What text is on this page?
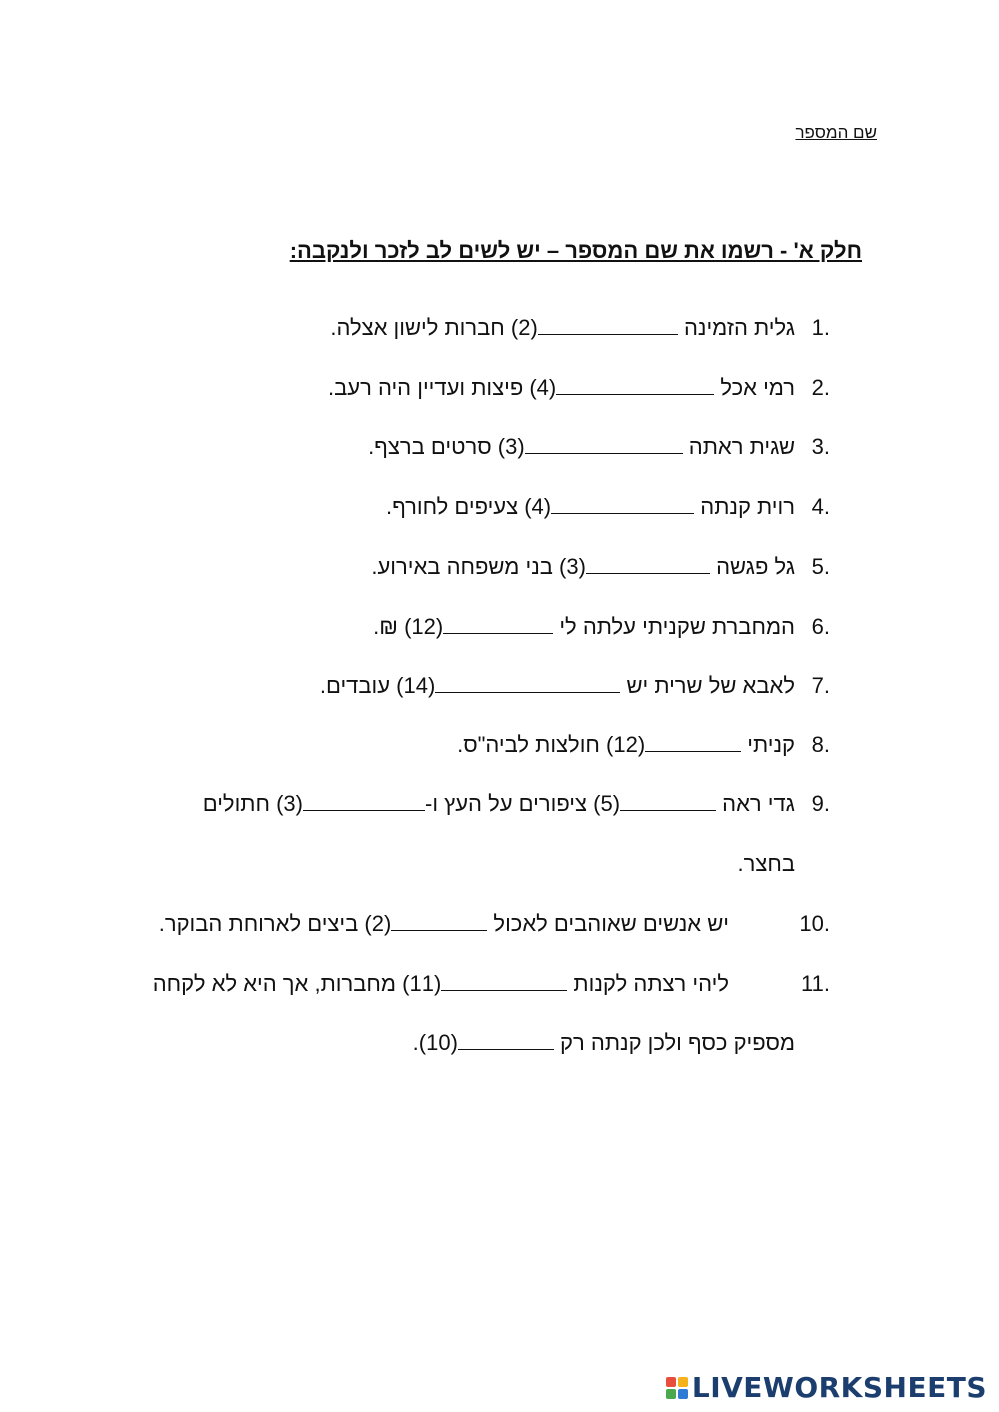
שם המספר
חלק א' - רשמו את שם המספר – יש לשים לב לזכר ולנקבה:
1.
גלית הזמינה (2) חברות לישון אצלה.
2.
רמי אכל (4) פיצות ועדיין היה רעב.
3.
שגית ראתה (3) סרטים ברצף.
4.
רוית קנתה (4) צעיפים לחורף.
5.
גל פגשה (3) בני משפחה באירוע.
6.
המחברת שקניתי עלתה לי (12) ₪.
7.
לאבא של שרית יש (14) עובדים.
8.
קניתי (12) חולצות לביה"ס.
9.
גדי ראה (5) ציפורים על העץ ו-(3) חתולים
בחצר.
10.
יש אנשים שאוהבים לאכול (2) ביצים לארוחת הבוקר.
11.
ליהי רצתה לקנות (11) מחברות, אך היא לא לקחה
מספיק כסף ולכן קנתה רק (10).
LIVEWORKSHEETS
